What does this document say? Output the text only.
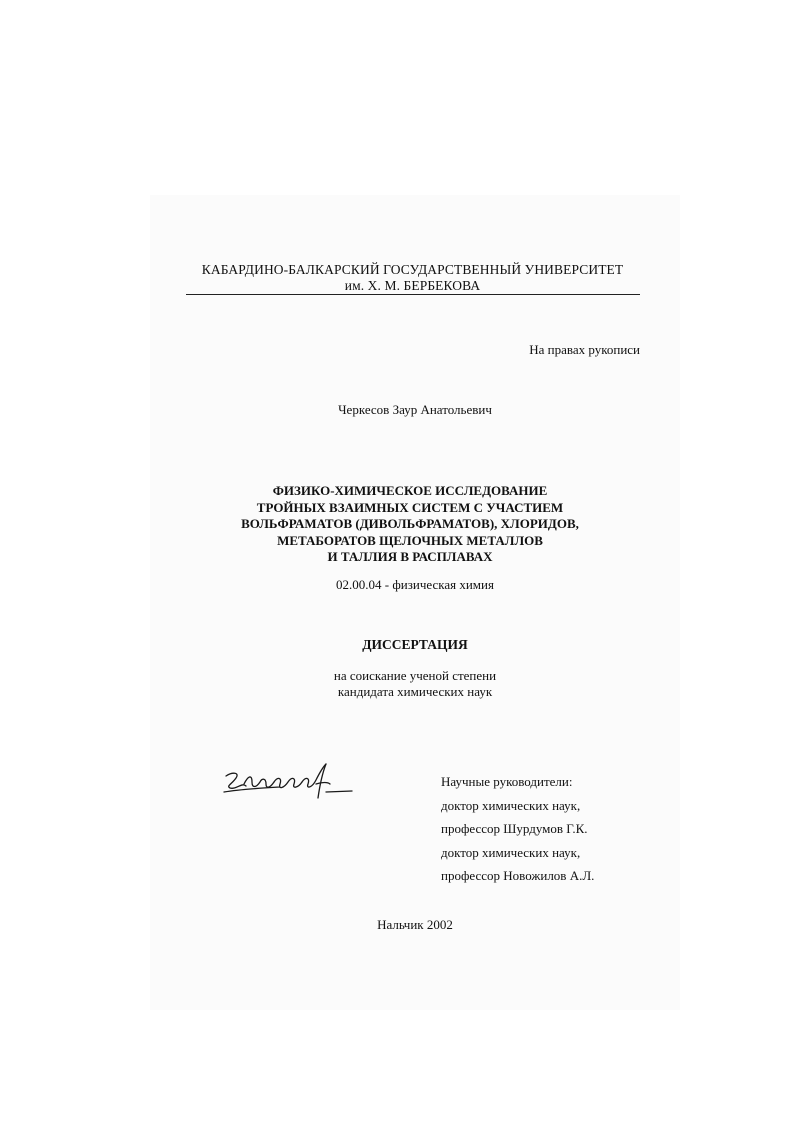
КАБАРДИНО-БАЛКАРСКИЙ ГОСУДАРСТВЕННЫЙ УНИВЕРСИТЕТ
им. Х. М. БЕРБЕКОВА
На правах рукописи
Черкесов Заур Анатольевич
ФИЗИКО-ХИМИЧЕСКОЕ ИССЛЕДОВАНИЕ
ТРОЙНЫХ ВЗАИМНЫХ СИСТЕМ С УЧАСТИЕМ
ВОЛЬФРАМАТОВ (ДИВОЛЬФРАМАТОВ), ХЛОРИДОВ,
МЕТАБОРАТОВ ЩЕЛОЧНЫХ МЕТАЛЛОВ
И ТАЛЛИЯ В РАСПЛАВАХ
02.00.04 - физическая химия
ДИССЕРТАЦИЯ
на соискание ученой степени
кандидата химических наук
Научные руководители:
доктор химических наук,
профессор Шурдумов Г.К.
доктор химических наук,
профессор Новожилов А.Л.
Нальчик 2002
